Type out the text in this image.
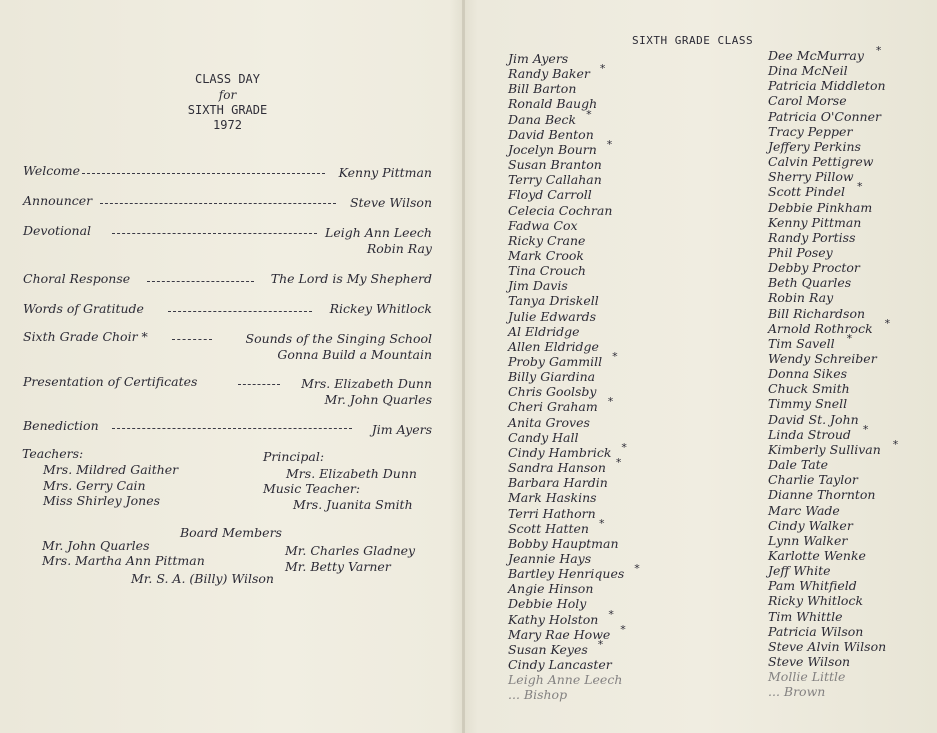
CLASS DAY
for
SIXTH GRADE
1972
Welcome	Kenny Pittman
Announcer	Steve Wilson
Devotional	Leigh Ann Leech
Robin Ray
Choral Response	The Lord is My Shepherd
Words of Gratitude	Rickey Whitlock
Sixth Grade Choir *	Sounds of the Singing School
Gonna Build a Mountain
Presentation of Certificates	Mrs. Elizabeth Dunn
Mr. John Quarles
Benediction	Jim Ayers
Teachers:
Mrs. Mildred Gaither
Mrs. Gerry Cain
Miss Shirley Jones
Principal:
Mrs. Elizabeth Dunn
Music Teacher:
Mrs. Juanita Smith
Board Members
Mr. John Quarles
Mrs. Martha Ann Pittman
Mr. Charles Gladney
Mr. Betty Varner
Mr. S. A. (Billy) Wilson
SIXTH GRADE CLASS
Jim Ayers
Randy Baker *
Bill Barton
Ronald Baugh
Dana Beck *
David Benton
Jocelyn Bourn *
Susan Branton
Terry Callahan
Floyd Carroll
Celecia Cochran
Fadwa Cox
Ricky Crane
Mark Crook
Tina Crouch
Jim Davis
Tanya Driskell
Julie Edwards
Al Eldridge
Allen Eldridge
Proby Gammill *
Billy Giardina
Chris Goolsby
Cheri Graham *
Anita Groves
Candy Hall
Cindy Hambrick *
Sandra Hanson *
Barbara Hardin
Mark Haskins
Terri Hathorn
Scott Hatten *
Bobby Hauptman
Jeannie Hays
Bartley Henriques *
Angie Hinson
Debbie Holy
Kathy Holston *
Mary Rae Howe *
Susan Keyes *
Cindy Lancaster
Leigh Anne Leech
... Bishop
Dee McMurray *
Dina McNeil
Patricia Middleton
Carol Morse
Patricia O'Conner
Tracy Pepper
Jeffery Perkins
Calvin Pettigrew
Sherry Pillow
Scott Pindel *
Debbie Pinkham
Kenny Pittman
Randy Portiss
Phil Posey
Debby Proctor
Beth Quarles
Robin Ray
Bill Richardson
Arnold Rothrock *
Tim Savell *
Wendy Schreiber
Donna Sikes
Chuck Smith
Timmy Snell
David St. John
Linda Stroud *
Kimberly Sullivan *
Dale Tate
Charlie Taylor
Dianne Thornton
Marc Wade
Cindy Walker
Lynn Walker
Karlotte Wenke
Jeff White
Pam Whitfield
Ricky Whitlock
Tim Whittle
Patricia Wilson
Steve Alvin Wilson
Steve Wilson
Mollie Little
... Brown
